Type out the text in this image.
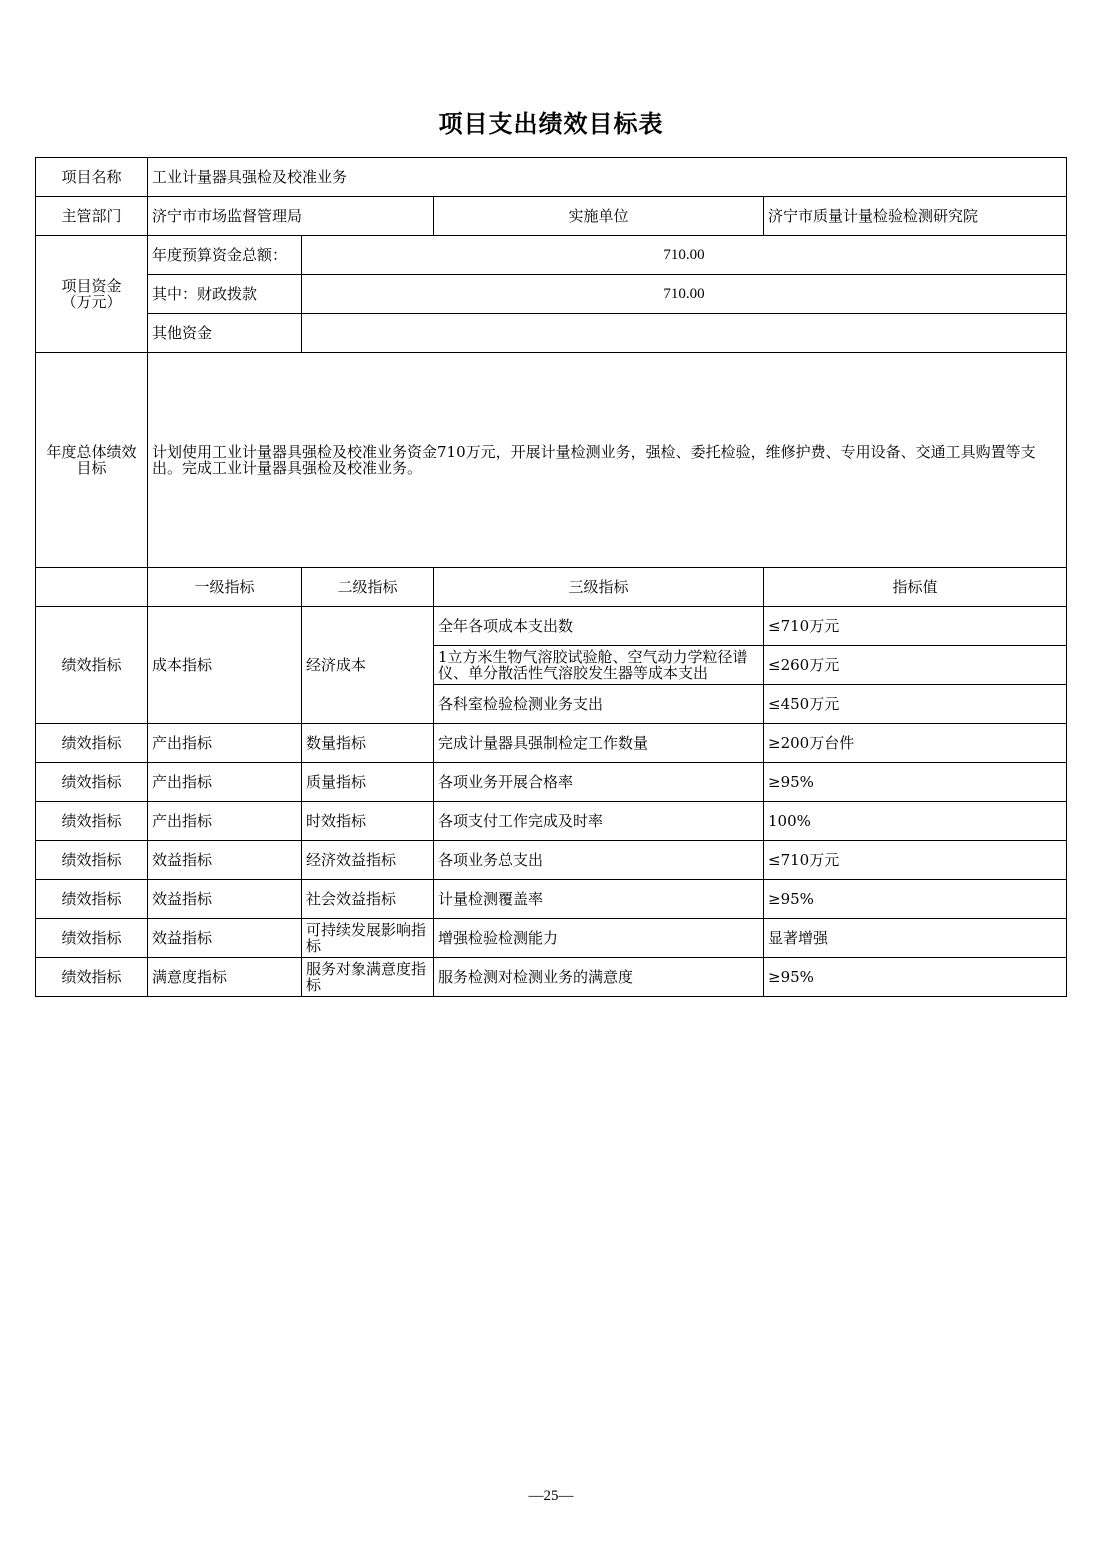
项目支出绩效目标表
项目名称	工业计量器具强检及校准业务			
主管部门	济宁市市场监督管理局		实施单位	济宁市质量计量检验检测研究院

项目资金
（万元）	年度预算资金总额：	710.00		
	其中：财政拨款	710.00		
	其他资金			

年度总体绩效
目标	计划使用工业计量器具强检及校准业务资金710万元，开展计量检测业务，强检、委托检验，维修护费、专用设备、交通工具购置等支出。完成工业计量器具强检及校准业务。			
	一级指标	二级指标	三级指标	指标值
绩效指标	成本指标	经济成本	全年各项成本支出数	≤710万元
			1立方米生物气溶胶试验舱、空气动力学粒径谱仪、单分散活性气溶胶发生器等成本支出	≤260万元
			各科室检验检测业务支出	≤450万元
绩效指标	产出指标	数量指标	完成计量器具强制检定工作数量	≥200万台件
绩效指标	产出指标	质量指标	各项业务开展合格率	≥95%
绩效指标	产出指标	时效指标	各项支付工作完成及时率	100%
绩效指标	效益指标	经济效益指标	各项业务总支出	≤710万元
绩效指标	效益指标	社会效益指标	计量检测覆盖率	≥95%
绩效指标	效益指标	可持续发展影响指标	增强检验检测能力	显著增强
绩效指标	满意度指标	服务对象满意度指标	服务检测对检测业务的满意度	≥95%
—25—
